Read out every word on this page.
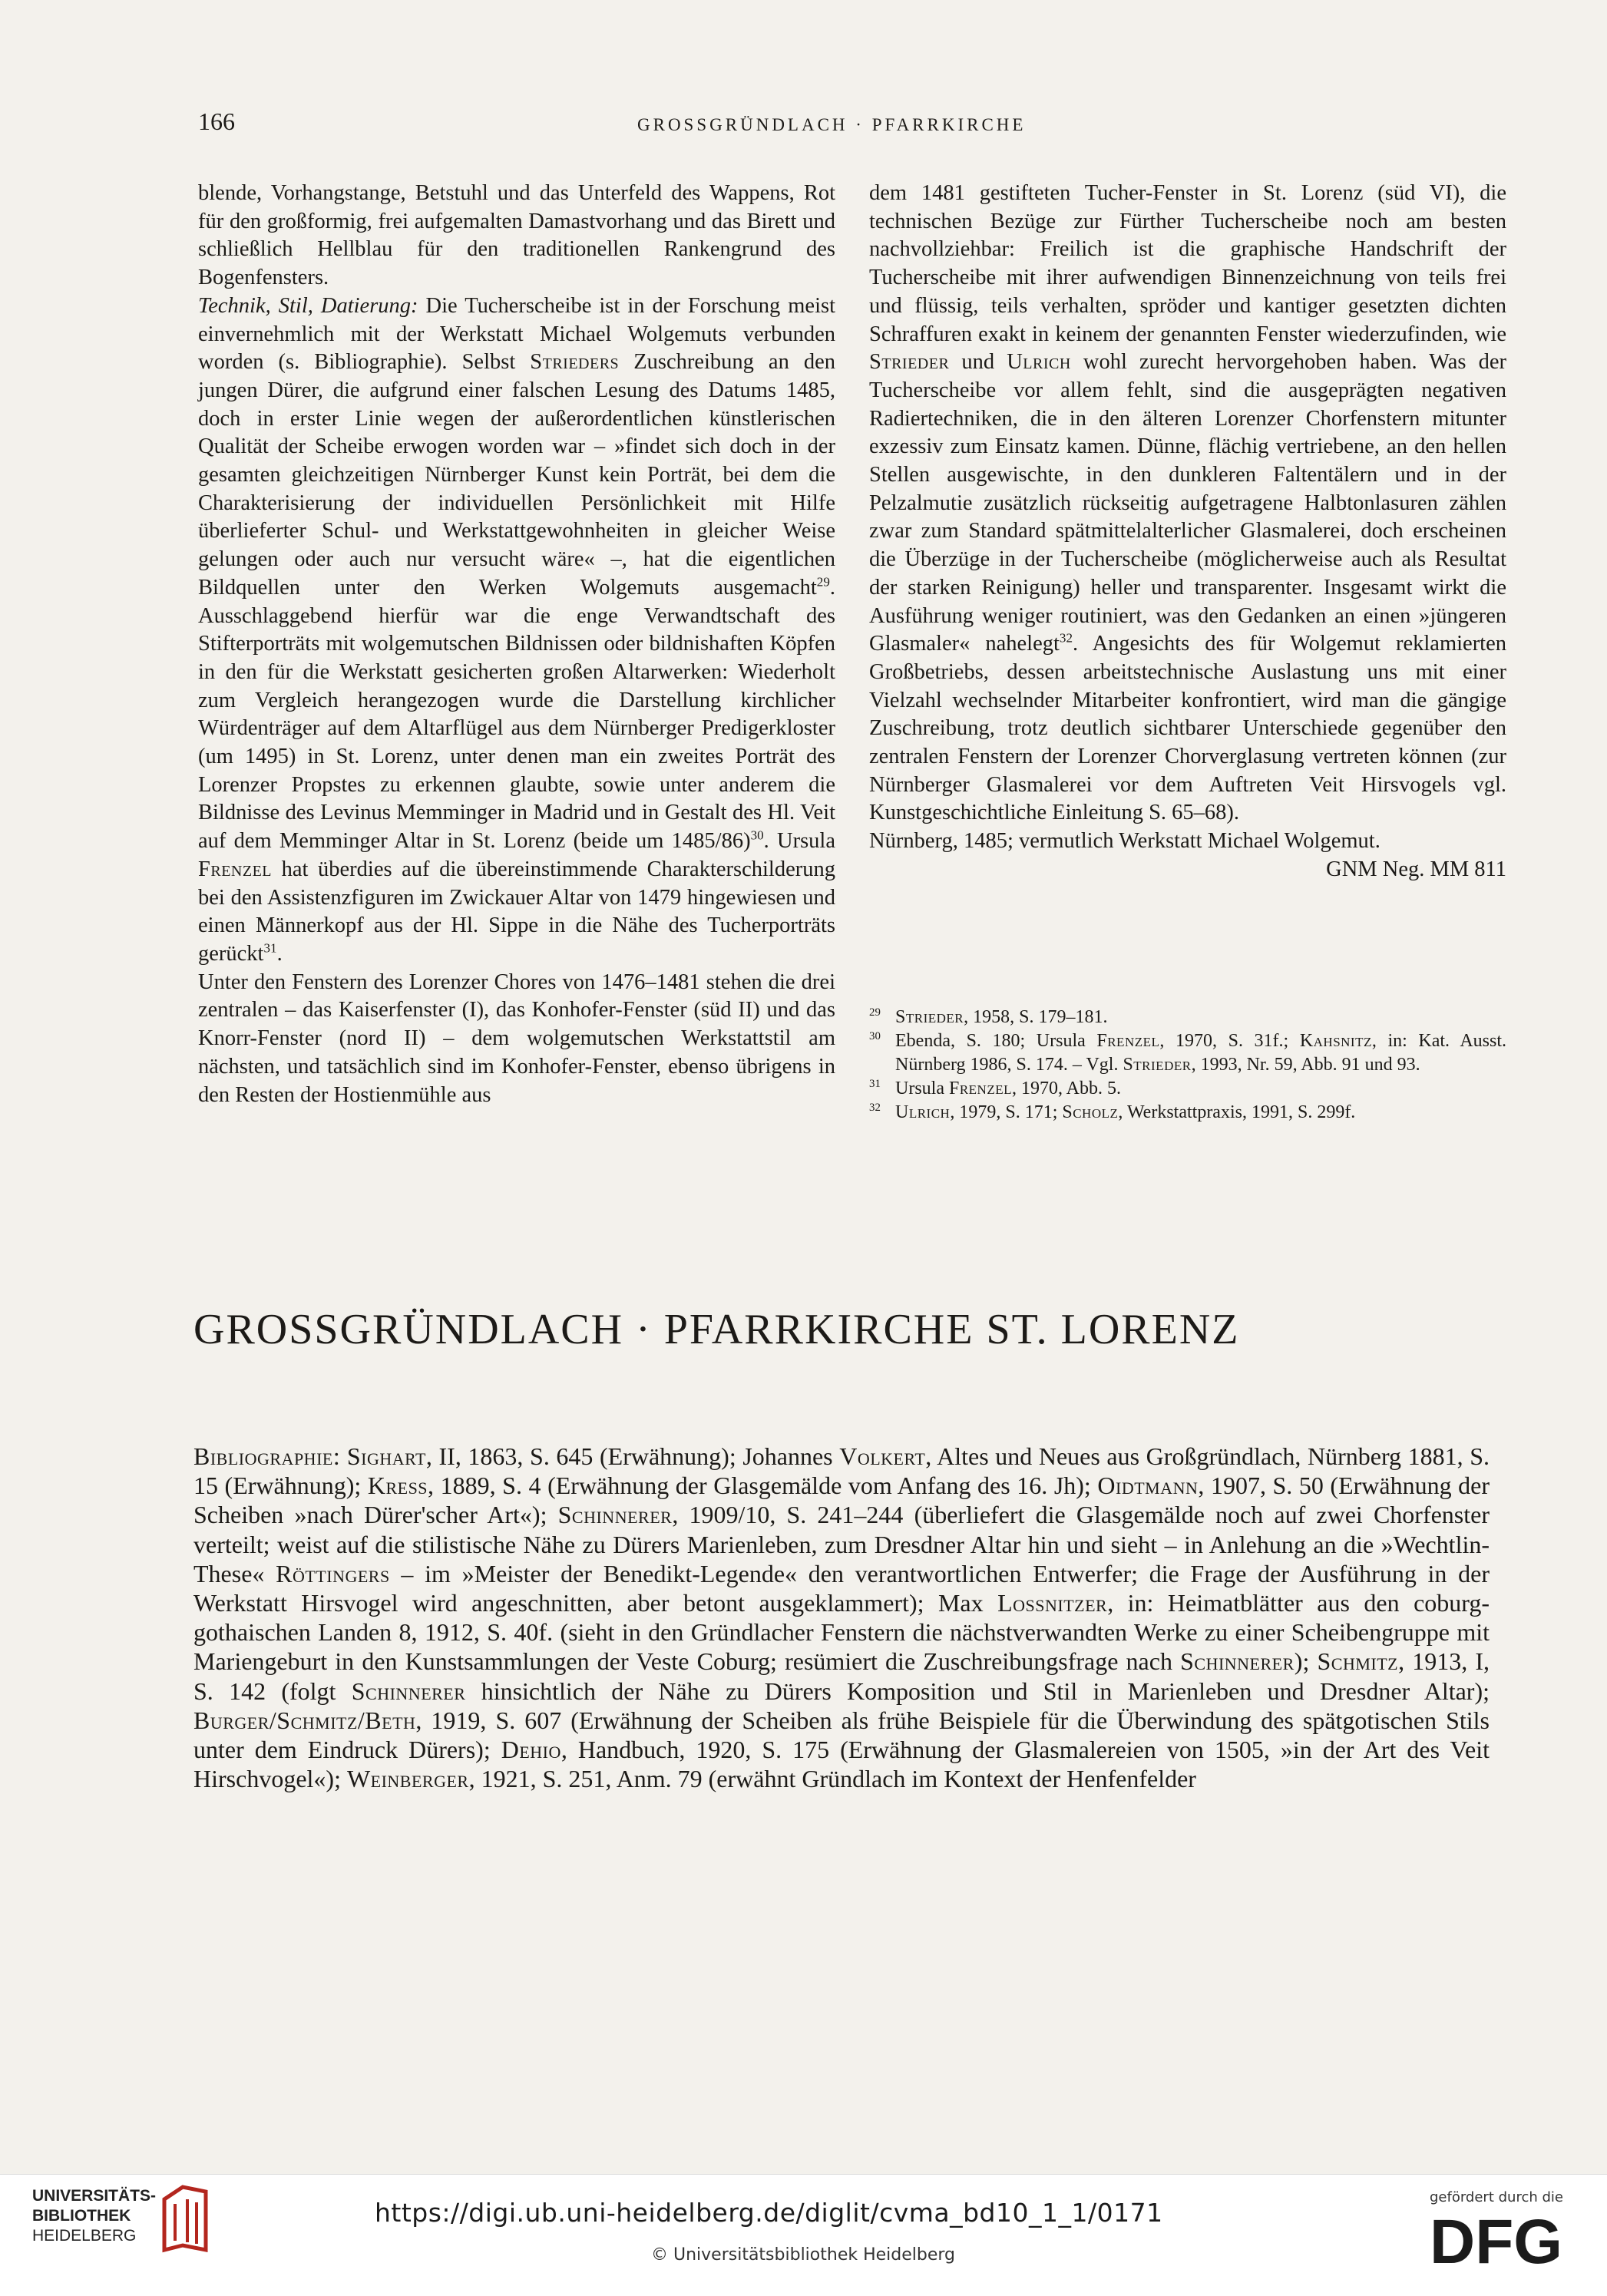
166	GROSSGRÜNDLACH · PFARRKIRCHE

blende, Vorhangstange, Betstuhl und das Unterfeld des Wappens, Rot für den großformig, frei aufgemalten Damastvorhang und das Birett und schließlich Hellblau für den traditionellen Rankengrund des Bogenfensters.

Technik, Stil, Datierung: Die Tucherscheibe ist in der Forschung meist einvernehmlich mit der Werkstatt Michael Wolgemuts verbunden worden (s. Bibliographie). Selbst Strieders Zuschreibung an den jungen Dürer, die aufgrund einer falschen Lesung des Datums 1485, doch in erster Linie wegen der außerordentlichen künstlerischen Qualität der Scheibe erwogen worden war – »findet sich doch in der gesamten gleichzeitigen Nürnberger Kunst kein Porträt, bei dem die Charakterisierung der individuellen Persönlichkeit mit Hilfe überlieferter Schul- und Werkstattgewohnheiten in gleicher Weise gelungen oder auch nur versucht wäre« –, hat die eigentlichen Bildquellen unter den Werken Wolgemuts ausgemacht$^{29}$. Ausschlaggebend hierfür war die enge Verwandtschaft des Stifterporträts mit wolgemutschen Bildnissen oder bildnishaften Köpfen in den für die Werkstatt gesicherten großen Altarwerken: Wiederholt zum Vergleich herangezogen wurde die Darstellung kirchlicher Würdenträger auf dem Altarflügel aus dem Nürnberger Predigerkloster (um 1495) in St. Lorenz, unter denen man ein zweites Porträt des Lorenzer Propstes zu erkennen glaubte, sowie unter anderem die Bildnisse des Levinus Memminger in Madrid und in Gestalt des Hl. Veit auf dem Memminger Altar in St. Lorenz (beide um 1485/86)$^{30}$. Ursula Frenzel hat überdies auf die übereinstimmende Charakterschilderung bei den Assistenzfiguren im Zwickauer Altar von 1479 hingewiesen und einen Männerkopf aus der Hl. Sippe in die Nähe des Tucherporträts gerückt$^{31}$.

Unter den Fenstern des Lorenzer Chores von 1476–1481 stehen die drei zentralen – das Kaiserfenster (I), das Konhofer-Fenster (süd II) und das Knorr-Fenster (nord II) – dem wolgemutschen Werkstattstil am nächsten, und tatsächlich sind im Konhofer-Fenster, ebenso übrigens in den Resten der Hostienmühle aus

dem 1481 gestifteten Tucher-Fenster in St. Lorenz (süd VI), die technischen Bezüge zur Fürther Tucherscheibe noch am besten nachvollziehbar: Freilich ist die graphische Handschrift der Tucherscheibe mit ihrer aufwendigen Binnenzeichnung von teils frei und flüssig, teils verhalten, spröder und kantiger gesetzten dichten Schraffuren exakt in keinem der genannten Fenster wiederzufinden, wie Strieder und Ulrich wohl zurecht hervorgehoben haben. Was der Tucherscheibe vor allem fehlt, sind die ausgeprägten negativen Radiertechniken, die in den älteren Lorenzer Chorfenstern mitunter exzessiv zum Einsatz kamen. Dünne, flächig vertriebene, an den hellen Stellen ausgewischte, in den dunkleren Faltentälern und in der Pelzalmutie zusätzlich rückseitig aufgetragene Halbtonlasuren zählen zwar zum Standard spätmittelalterlicher Glasmalerei, doch erscheinen die Überzüge in der Tucherscheibe (möglicherweise auch als Resultat der starken Reinigung) heller und transparenter. Insgesamt wirkt die Ausführung weniger routiniert, was den Gedanken an einen »jüngeren Glasmaler« nahelegt$^{32}$. Angesichts des für Wolgemut reklamierten Großbetriebs, dessen arbeitstechnische Auslastung uns mit einer Vielzahl wechselnder Mitarbeiter konfrontiert, wird man die gängige Zuschreibung, trotz deutlich sichtbarer Unterschiede gegenüber den zentralen Fenstern der Lorenzer Chorverglasung vertreten können (zur Nürnberger Glasmalerei vor dem Auftreten Veit Hirsvogels vgl. Kunstgeschichtliche Einleitung S. 65–68).

Nürnberg, 1485; vermutlich Werkstatt Michael Wolgemut.

GNM Neg. MM 811

29 Strieder, 1958, S. 179–181.

30 Ebenda, S. 180; Ursula Frenzel, 1970, S. 31f.; Kahsnitz, in: Kat. Ausst. Nürnberg 1986, S. 174. – Vgl. Strieder, 1993, Nr. 59, Abb. 91 und 93.

31 Ursula Frenzel, 1970, Abb. 5.

32 Ulrich, 1979, S. 171; Scholz, Werkstattpraxis, 1991, S. 299f.

GROSSGRÜNDLACH · PFARRKIRCHE ST. LORENZ

Bibliographie: Sighart, II, 1863, S. 645 (Erwähnung); Johannes Volkert, Altes und Neues aus Großgründlach, Nürnberg 1881, S. 15 (Erwähnung); Kress, 1889, S. 4 (Erwähnung der Glasgemälde vom Anfang des 16. Jh); Oidtmann, 1907, S. 50 (Erwähnung der Scheiben »nach Dürer'scher Art«); Schinnerer, 1909/10, S. 241–244 (überliefert die Glasgemälde noch auf zwei Chorfenster verteilt; weist auf die stilistische Nähe zu Dürers Marienleben, zum Dresdner Altar hin und sieht – in Anlehung an die »Wechtlin-These« Röttingers – im »Meister der Benedikt-Legende« den verantwortlichen Entwerfer; die Frage der Ausführung in der Werkstatt Hirsvogel wird angeschnitten, aber betont ausgeklammert); Max Lossnitzer, in: Heimatblätter aus den coburg-gothaischen Landen 8, 1912, S. 40f. (sieht in den Gründlacher Fenstern die nächstverwandten Werke zu einer Scheibengruppe mit Mariengeburt in den Kunstsammlungen der Veste Coburg; resümiert die Zuschreibungsfrage nach Schinnerer); Schmitz, 1913, I, S. 142 (folgt Schinnerer hinsichtlich der Nähe zu Dürers Komposition und Stil in Marienleben und Dresdner Altar); Burger/Schmitz/Beth, 1919, S. 607 (Erwähnung der Scheiben als frühe Beispiele für die Überwindung des spätgotischen Stils unter dem Eindruck Dürers); Dehio, Handbuch, 1920, S. 175 (Erwähnung der Glasmalereien von 1505, »in der Art des Veit Hirschvogel«); Weinberger, 1921, S. 251, Anm. 79 (erwähnt Gründlach im Kontext der Henfenfelder

UNIVERSITÄTS-
BIBLIOTHEK
HEIDELBERG
https://digi.ub.uni-heidelberg.de/diglit/cvma_bd10_1_1/0171
© Universitätsbibliothek Heidelberg
gefördert durch die
DFG
